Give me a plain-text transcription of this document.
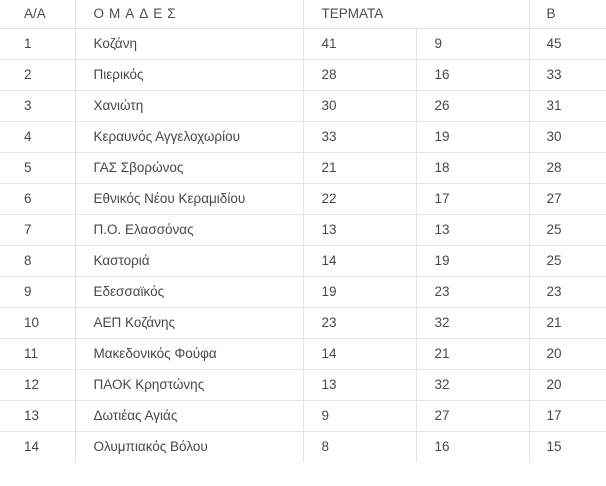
Α/Α	ΟΜΑΔΕΣ	ΤΕΡΜΑΤΑ		Β
1	Κοζάνη	41	9	45
2	Πιερικός	28	16	33
3	Χανιώτη	30	26	31
4	Κεραυνός Αγγελοχωρίου	33	19	30
5	ΓΑΣ Σβορώνος	21	18	28
6	Εθνικός Νέου Κεραμιδίου	22	17	27
7	Π.Ο. Ελασσόνας	13	13	25
8	Καστοριά	14	19	25
9	Εδεσσαϊκός	19	23	23
10	ΑΕΠ Κοζάνης	23	32	21
11	Μακεδονικός Φούφα	14	21	20
12	ΠΑΟΚ Κρηστώνης	13	32	20
13	Δωτιέας Αγιάς	9	27	17
14	Ολυμπιακός Βόλου	8	16	15
